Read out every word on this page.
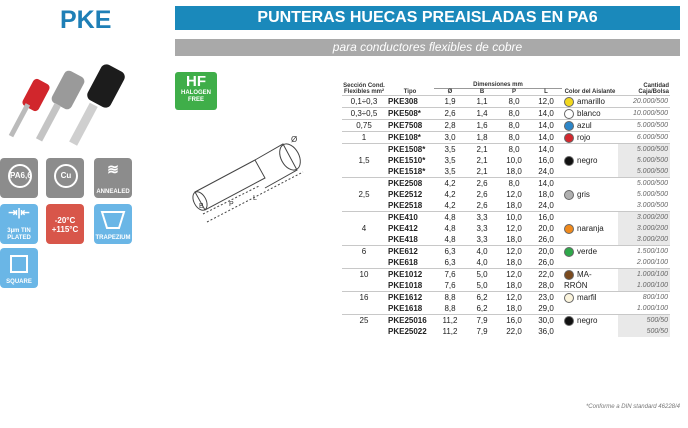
PKE	PUNTERAS HUECAS PREAISLADAS EN PA6
para conductores flexibles de cobre
HF
HALOGEN
FREE
PA6,6	Cu	≋
ANNEALED
⇥|⇤
3µm TIN PLATED
-20°C +115°C
TRAPEZIUM
SQUARE
Ø
B	P
L
Sección Cond. Flexibles mm²	Tipo	Dimensiones mm				Color del Aislante	Cantidad Caja/Bolsa
		Ø	B	P	L		
0,1÷0,3	PKE308	1,9	1,1	8,0	12,0	amarillo	20.000/500
0,3÷0,5	PKE508*	2,6	1,4	8,0	14,0	blanco	10.000/500
0,75	PKE7508	2,8	1,6	8,0	14,0	azul	5.000/500
1	PKE108*	3,0	1,8	8,0	14,0	rojo	6.000/500
	PKE1508*	3,5	2,1	8,0	14,0		5.000/500
1,5	PKE1510*	3,5	2,1	10,0	16,0	negro	5.000/500
	PKE1518*	3,5	2,1	18,0	24,0		5.000/500
	PKE2508	4,2	2,6	8,0	14,0		5.000/500
2,5	PKE2512	4,2	2,6	12,0	18,0	gris	5.000/500
	PKE2518	4,2	2,6	18,0	24,0		3.000/500
	PKE410	4,8	3,3	10,0	16,0		3.000/200
4	PKE412	4,8	3,3	12,0	20,0	naranja	3.000/200
	PKE418	4,8	3,3	18,0	26,0		3.000/200
6	PKE612	6,3	4,0	12,0	20,0	verde	1.500/100
	PKE618	6,3	4,0	18,0	26,0		2.000/100
10	PKE1012	7,6	5,0	12,0	22,0	MA-	1.000/100
	PKE1018	7,6	5,0	18,0	28,0	RRÓN	1.000/100
16	PKE1612	8,8	6,2	12,0	23,0	marfil	800/100
	PKE1618	8,8	6,2	18,0	29,0		1.000/100
25	PKE25016	11,2	7,9	16,0	30,0	negro	500/50
	PKE25022	11,2	7,9	22,0	36,0		500/50
*Conforme a DIN standard 46228/4
